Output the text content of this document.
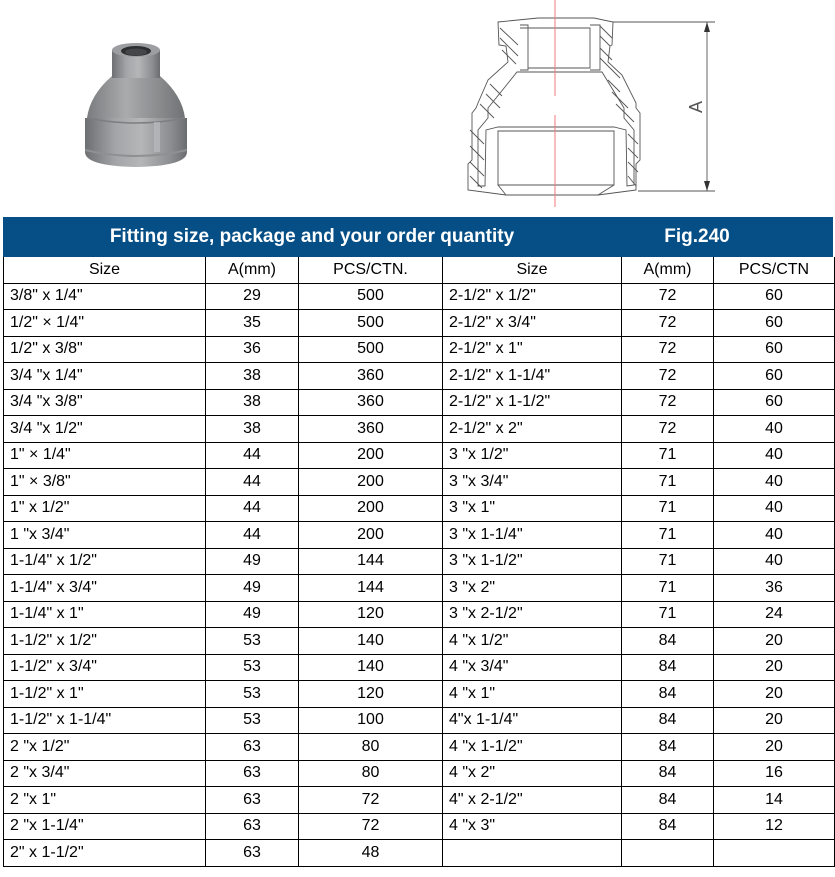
A
Fitting size, package and your order quantity	Fig.240
Size	A(mm)	PCS/CTN.	Size	A(mm)	PCS/CTN
3/8" x 1/4"	29	500	2-1/2" x 1/2"	72	60
1/2" × 1/4"	35	500	2-1/2" x 3/4"	72	60
1/2" x 3/8"	36	500	2-1/2" x 1"	72	60
3/4 "x 1/4"	38	360	2-1/2" x 1-1/4"	72	60
3/4 "x 3/8"	38	360	2-1/2" x 1-1/2"	72	60
3/4 "x 1/2"	38	360	2-1/2" x 2"	72	40
1" × 1/4"	44	200	3 "x 1/2"	71	40
1" × 3/8"	44	200	3 "x 3/4"	71	40
1" x 1/2"	44	200	3 "x 1"	71	40
1 "x 3/4"	44	200	3 "x 1-1/4"	71	40
1-1/4" x 1/2"	49	144	3 "x 1-1/2"	71	40
1-1/4" x 3/4"	49	144	3 "x 2"	71	36
1-1/4" x 1"	49	120	3 "x 2-1/2"	71	24
1-1/2" x 1/2"	53	140	4 "x 1/2"	84	20
1-1/2" x 3/4"	53	140	4 "x 3/4"	84	20
1-1/2" x 1"	53	120	4 "x 1"	84	20
1-1/2" x 1-1/4"	53	100	4"x 1-1/4"	84	20
2 "x 1/2"	63	80	4 "x 1-1/2"	84	20
2 "x 3/4"	63	80	4 "x 2"	84	16
2 "x 1"	63	72	4" x 2-1/2"	84	14
2 "x 1-1/4"	63	72	4 "x 3"	84	12
2" x 1-1/2"	63	48			
